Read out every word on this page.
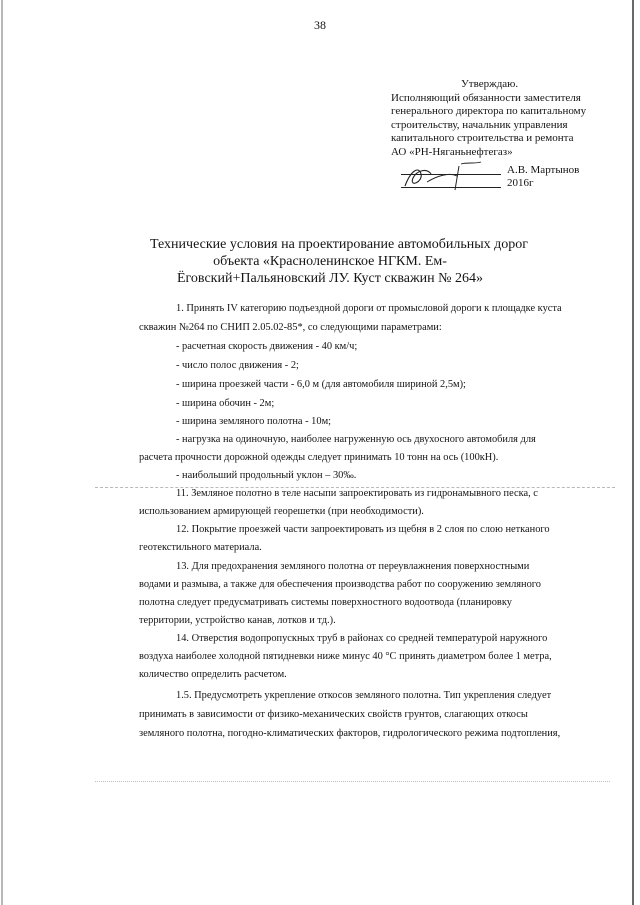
38
Утверждаю.
Исполняющий обязанности заместителя
генерального директора по капитальному
строительству, начальник управления
капитального строительства и ремонта
АО «РН-Няганьнефтегаз»
А.В. Мартынов
2016г
Технические условия на проектирование автомобильных дорог
объекта «Красноленинское НГКМ. Ем-
Ёговский+Пальяновский ЛУ. Куст скважин № 264»
1. Принять IV категорию подъездной дороги от промысловой дороги к площадке куста
скважин №264 по СНИП 2.05.02-85*, со следующими параметрами:
- расчетная скорость движения - 40 км/ч;
- число полос движения - 2;
- ширина проезжей части - 6,0 м (для автомобиля шириной 2,5м);
- ширина обочин - 2м;
- ширина земляного полотна - 10м;
- нагрузка на одиночную, наиболее нагруженную ось двухосного автомобиля для
расчета прочности дорожной одежды следует принимать 10 тонн на ось (100кН).
- наибольший продольный уклон – 30‰.
11. Земляное полотно в теле насыпи запроектировать из гидронамывного песка, с
использованием армирующей георешетки (при необходимости).
12. Покрытие проезжей части запроектировать из щебня в 2 слоя по слою нетканого
геотекстильного материала.
13. Для предохранения земляного полотна от переувлажнения поверхностными
водами и размыва, а также для обеспечения производства работ по сооружению земляного
полотна следует предусматривать системы поверхностного водоотвода (планировку
территории, устройство канав, лотков и тд.).
14. Отверстия водопропускных труб в районах со средней температурой наружного
воздуха наиболее холодной пятидневки ниже минус 40 °С принять диаметром более 1 метра,
количество определить расчетом.
1.5. Предусмотреть укрепление откосов земляного полотна. Тип укрепления следует
принимать в зависимости от физико-механических свойств грунтов, слагающих откосы
земляного полотна, погодно-климатических факторов, гидрологического режима подтопления,
